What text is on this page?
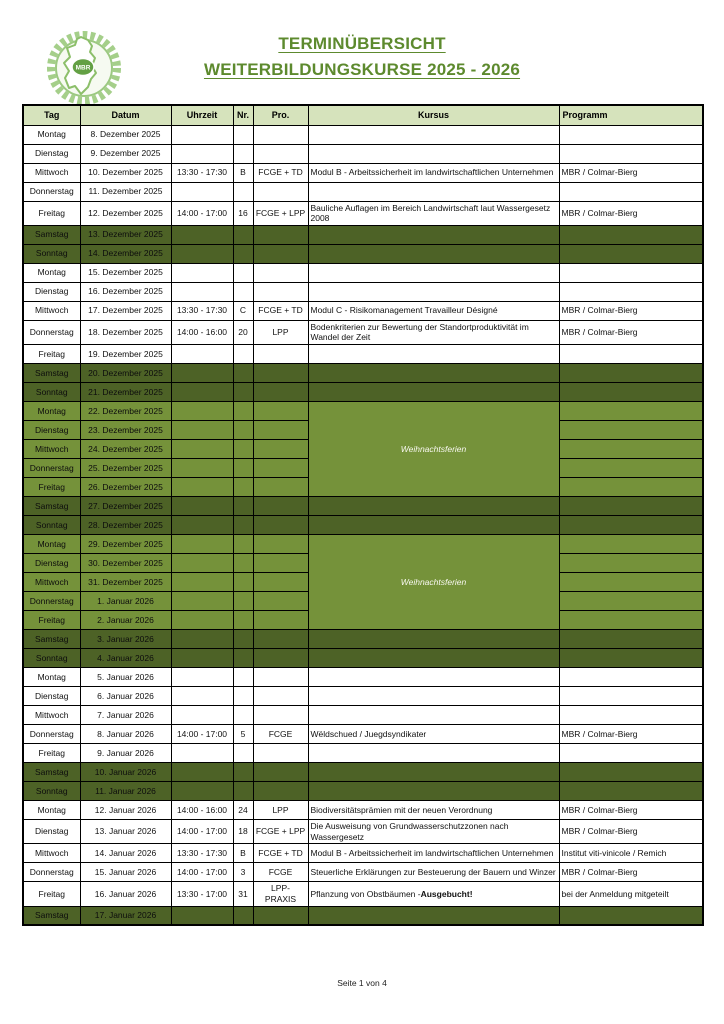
MBR
TERMINÜBERSICHT
WEITERBILDUNGSKURSE 2025 - 2026
Tag	Datum	Uhrzeit	Nr.	Pro.	Kursus	Programm
Montag	8. Dezember 2025					
Dienstag	9. Dezember 2025					
Mittwoch	10. Dezember 2025	13:30 - 17:30	B	FCGE + TD	Modul B - Arbeitssicherheit im landwirtschaftlichen Unternehmen	MBR / Colmar-Bierg
Donnerstag	11. Dezember 2025					
Freitag	12. Dezember 2025	14:00 - 17:00	16	FCGE + LPP	Bauliche Auflagen im Bereich Landwirtschaft laut Wassergesetz 2008	MBR / Colmar-Bierg
Samstag	13. Dezember 2025					
Sonntag	14. Dezember 2025					
Montag	15. Dezember 2025					
Dienstag	16. Dezember 2025					
Mittwoch	17. Dezember 2025	13:30 - 17:30	C	FCGE + TD	Modul C - Risikomanagement Travailleur Désigné	MBR / Colmar-Bierg
Donnerstag	18. Dezember 2025	14:00 - 16:00	20	LPP	Bodenkriterien zur Bewertung der Standortproduktivität im Wandel der Zeit	MBR / Colmar-Bierg
Freitag	19. Dezember 2025					
Samstag	20. Dezember 2025					
Sonntag	21. Dezember 2025					
Montag	22. Dezember 2025				Weihnachtsferien	
Dienstag	23. Dezember 2025					
Mittwoch	24. Dezember 2025					
Donnerstag	25. Dezember 2025					
Freitag	26. Dezember 2025					
Samstag	27. Dezember 2025					
Sonntag	28. Dezember 2025					
Montag	29. Dezember 2025				Weihnachtsferien	
Dienstag	30. Dezember 2025					
Mittwoch	31. Dezember 2025					
Donnerstag	1. Januar 2026					
Freitag	2. Januar 2026					
Samstag	3. Januar 2026					
Sonntag	4. Januar 2026					
Montag	5. Januar 2026					
Dienstag	6. Januar 2026					
Mittwoch	7. Januar 2026					
Donnerstag	8. Januar 2026	14:00 - 17:00	5	FCGE	Wëldschued / Juegdsyndikater	MBR / Colmar-Bierg
Freitag	9. Januar 2026					
Samstag	10. Januar 2026					
Sonntag	11. Januar 2026					
Montag	12. Januar 2026	14:00 - 16:00	24	LPP	Biodiversitätsprämien mit der neuen Verordnung	MBR / Colmar-Bierg
Dienstag	13. Januar 2026	14:00 - 17:00	18	FCGE + LPP	Die Ausweisung von Grundwasserschutzzonen nach Wassergesetz	MBR / Colmar-Bierg
Mittwoch	14. Januar 2026	13:30 - 17:30	B	FCGE + TD	Modul B - Arbeitssicherheit im landwirtschaftlichen Unternehmen	Institut viti-vinicole / Remich
Donnerstag	15. Januar 2026	14:00 - 17:00	3	FCGE	Steuerliche Erklärungen zur Besteuerung der Bauern und Winzer	MBR / Colmar-Bierg
Freitag	16. Januar 2026	13:30 - 17:00	31	LPP-PRAXIS	Pflanzung von Obstbäumen -Ausgebucht!	bei der Anmeldung mitgeteilt
Samstag	17. Januar 2026					
Seite 1 von 4
